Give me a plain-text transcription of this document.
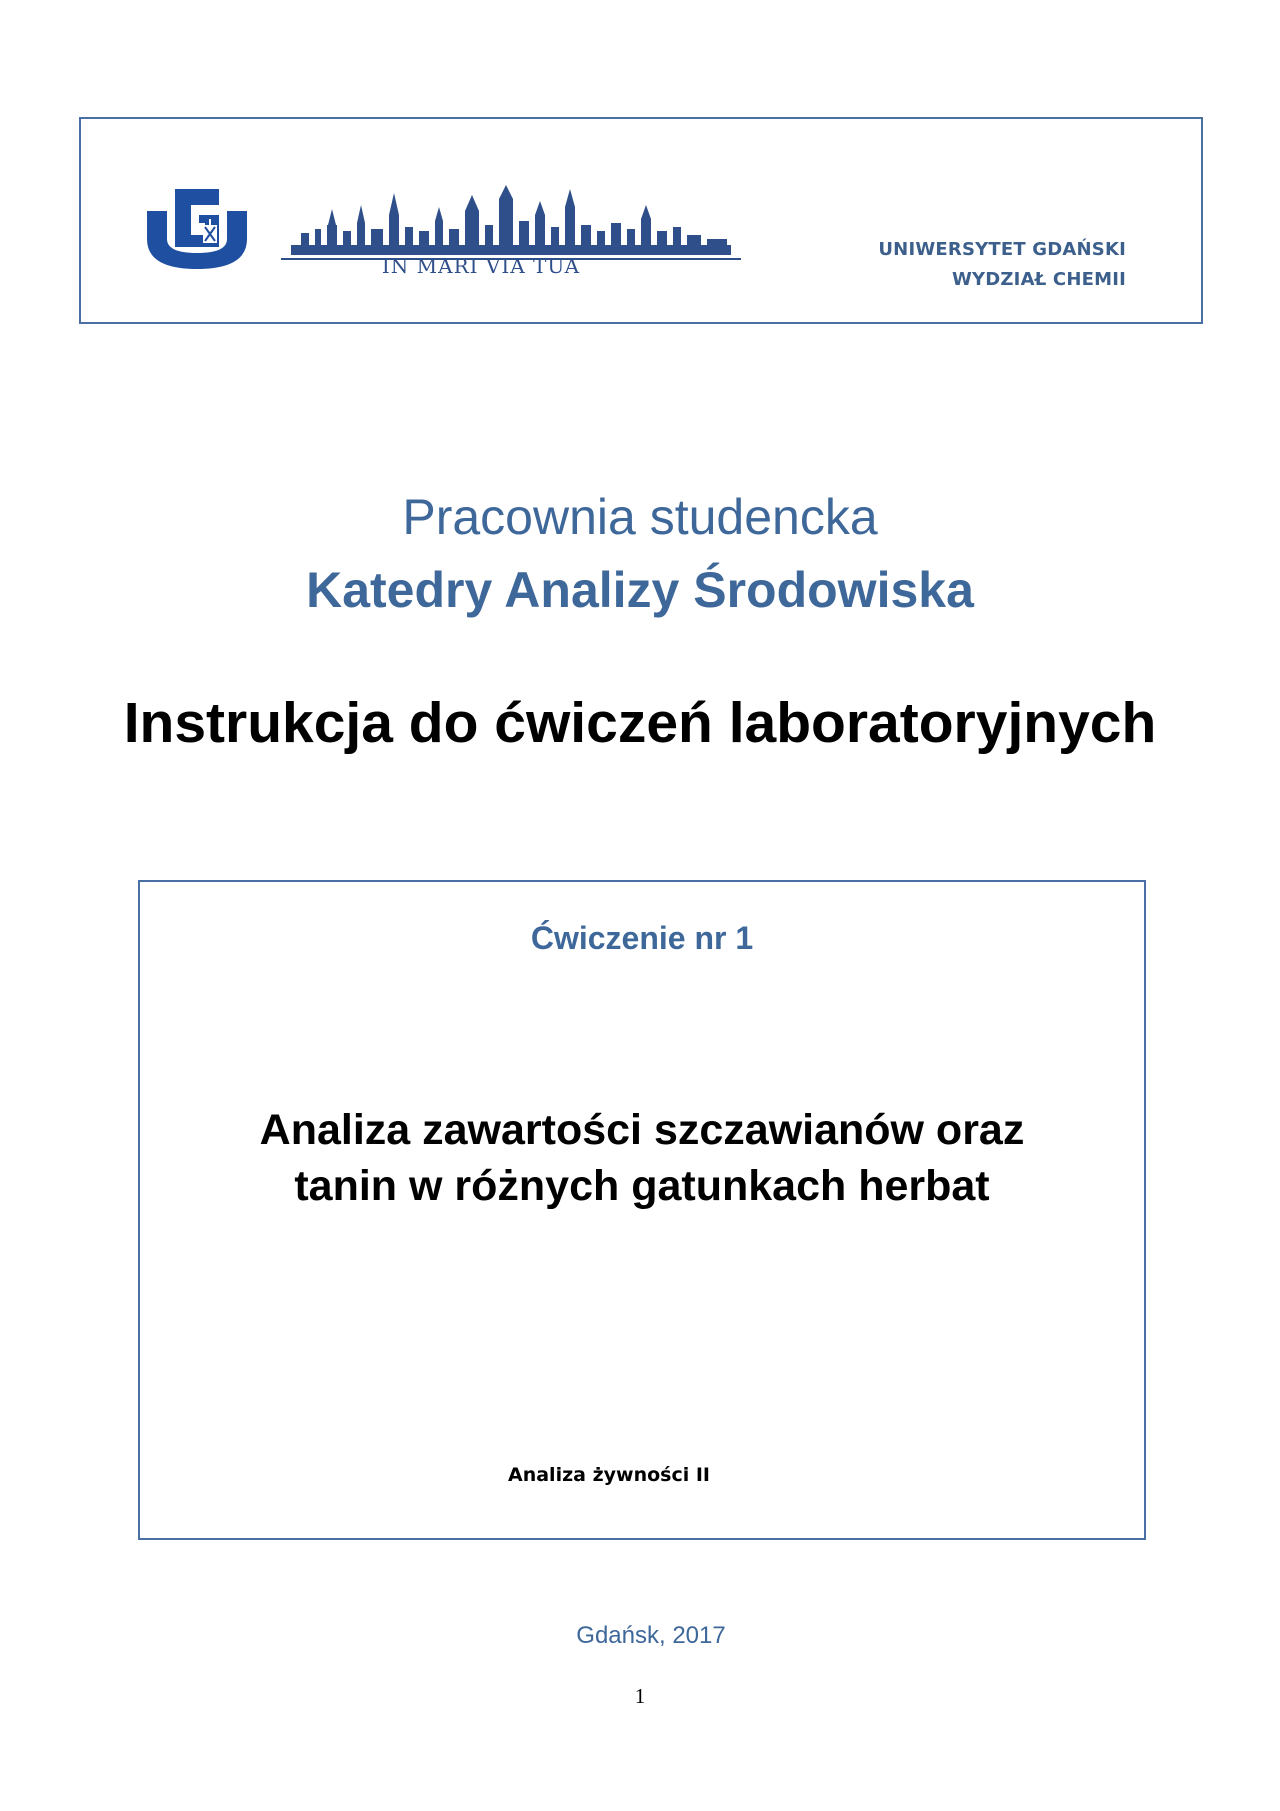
IN MARI VIA TUA
UNIWERSYTET GDAŃSKI
WYDZIAŁ CHEMII
Pracownia studencka
Katedry Analizy Środowiska
Instrukcja do ćwiczeń laboratoryjnych
Ćwiczenie nr 1
Analiza zawartości szczawianów oraz
tanin w różnych gatunkach herbat
Analiza żywności II
Gdańsk, 2017
1
